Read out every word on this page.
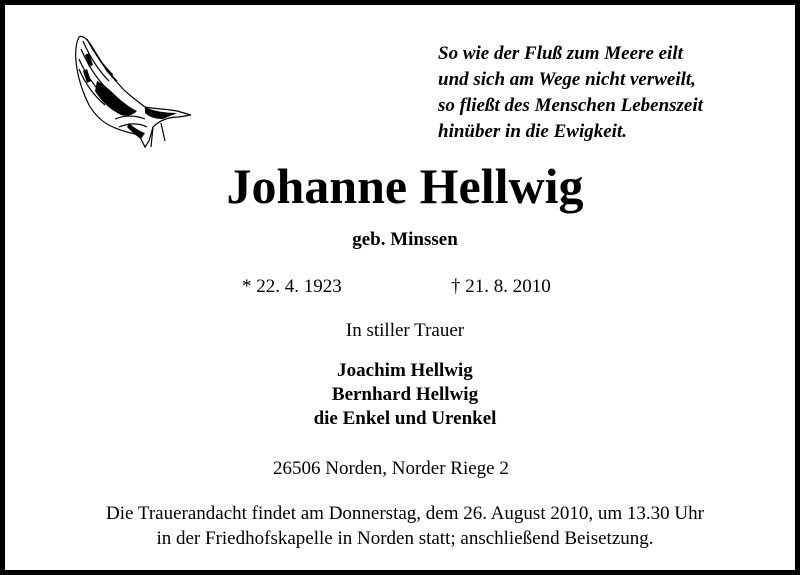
So wie der Fluß zum Meere eilt
und sich am Wege nicht verweilt,
so fließt des Menschen Lebenszeit
hinüber in die Ewigkeit.
Johanne Hellwig
geb. Minssen
* 22. 4. 1923	† 21. 8. 2010
In stiller Trauer
Joachim Hellwig
Bernhard Hellwig
die Enkel und Urenkel
26506 Norden, Norder Riege 2
Die Trauerandacht findet am Donnerstag, dem 26. August 2010, um 13.30 Uhr
in der Friedhofskapelle in Norden statt; anschließend Beisetzung.
